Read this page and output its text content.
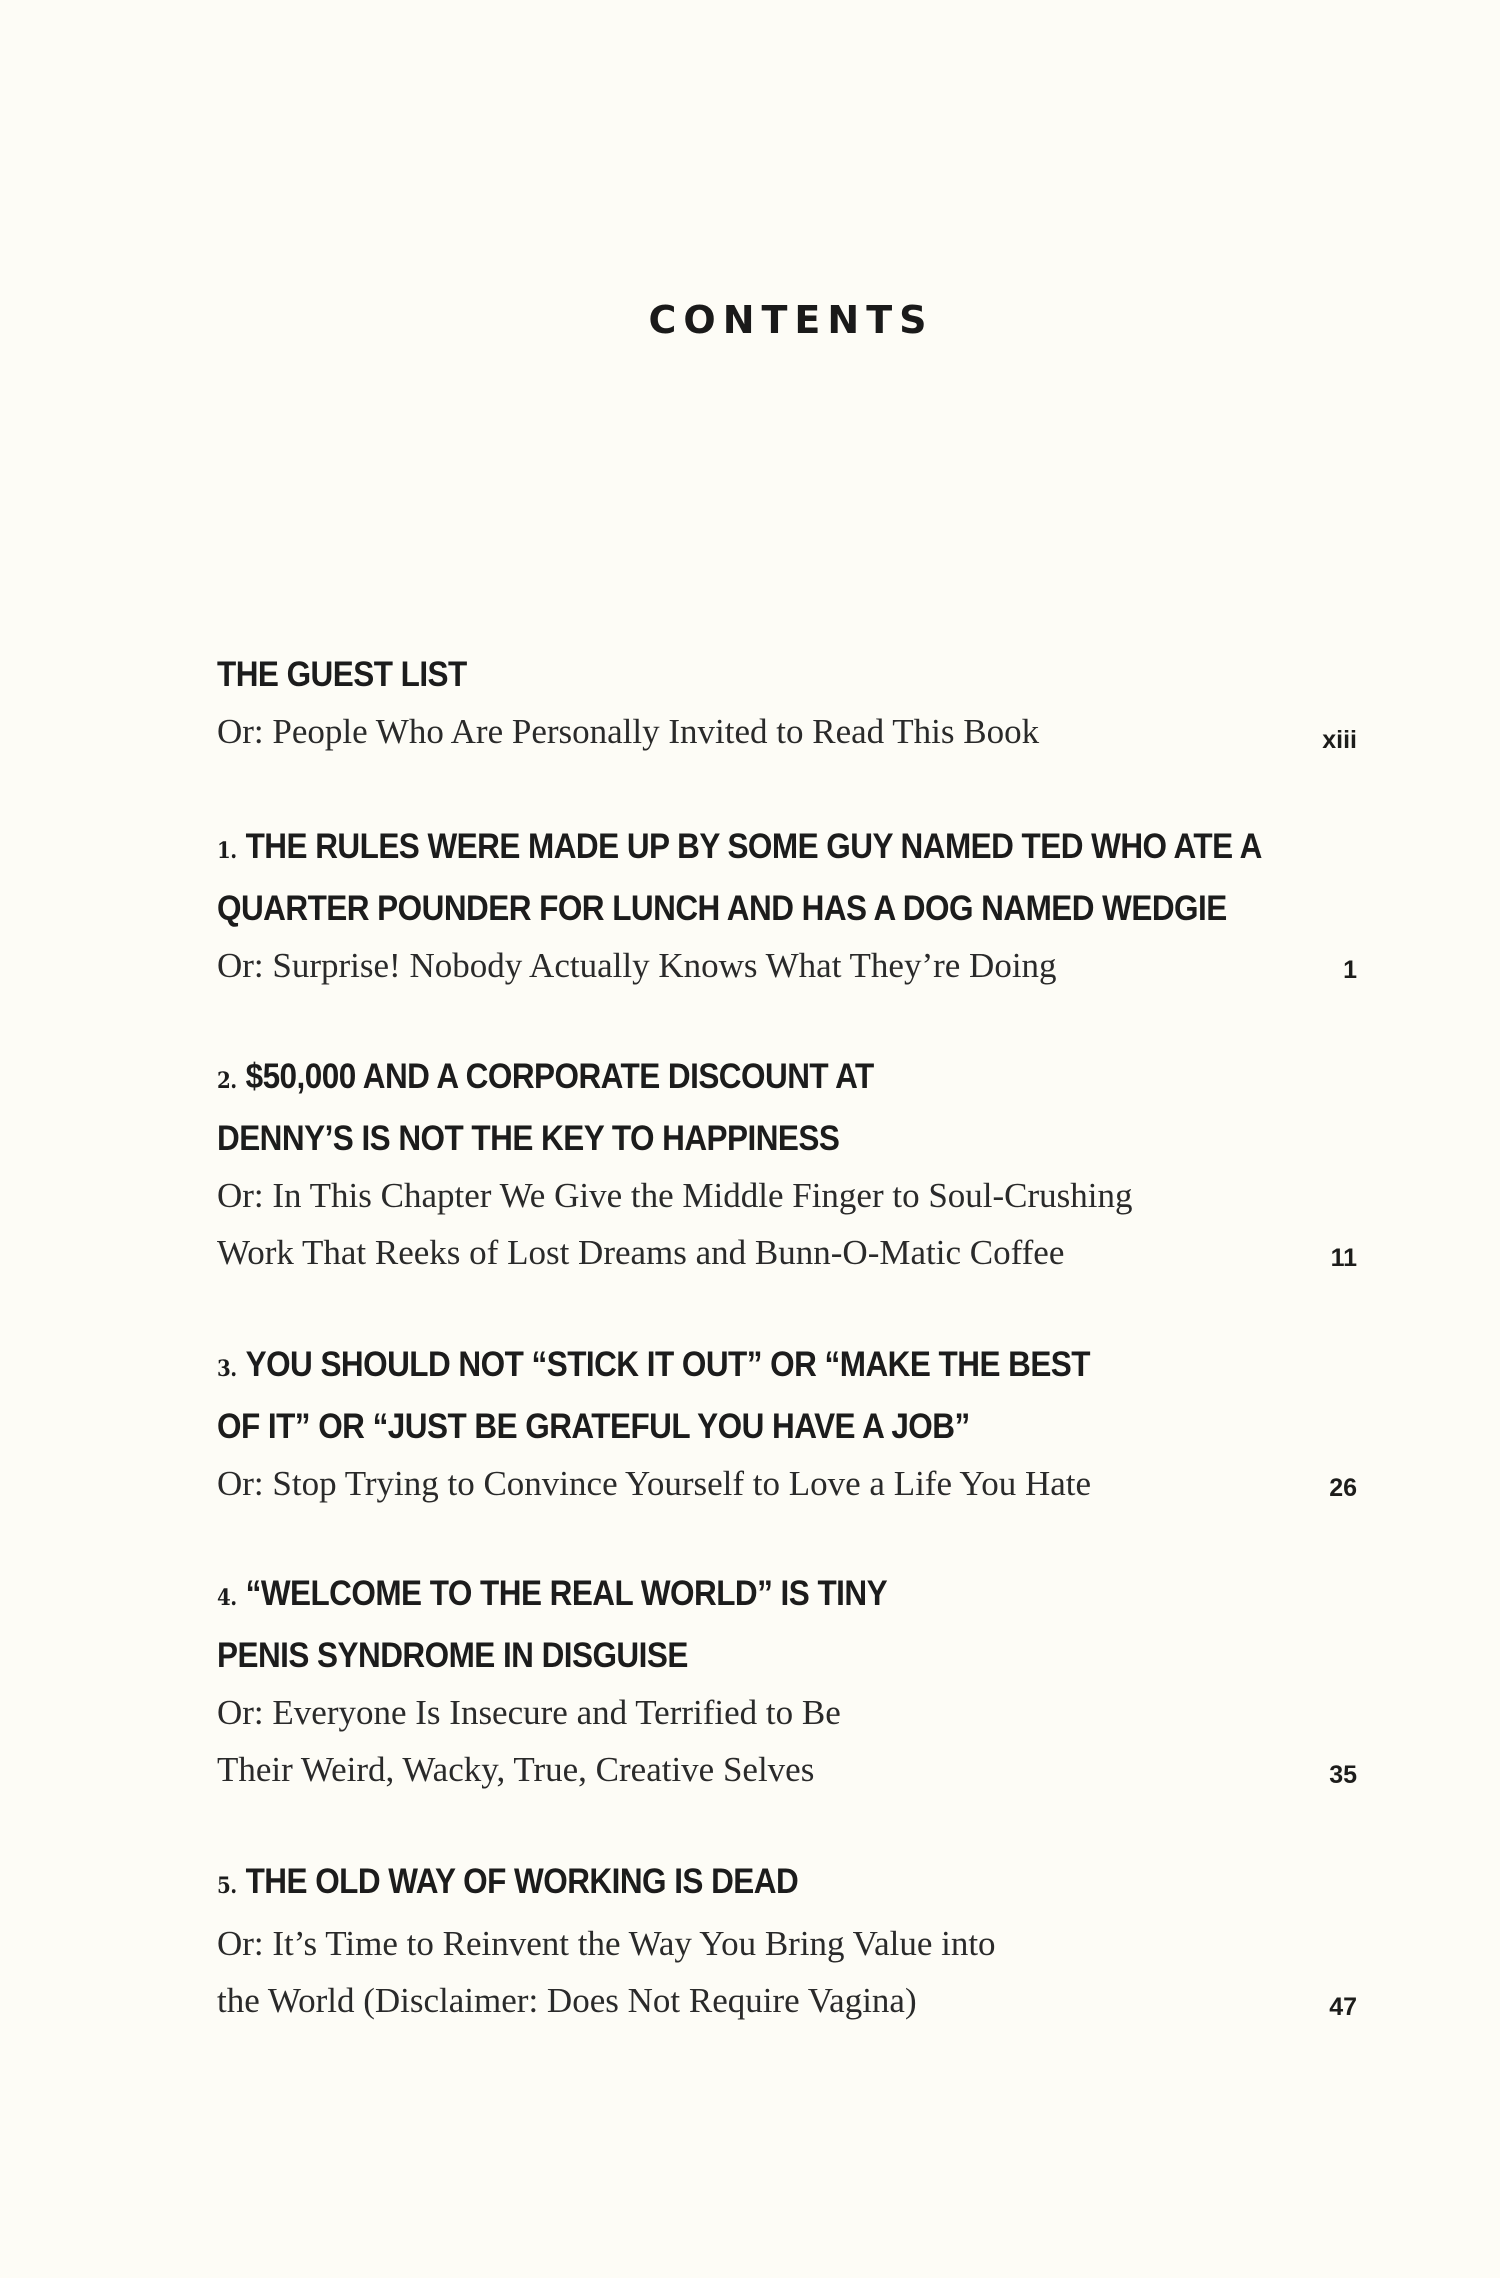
CONTENTS
THE GUEST LIST
Or: People Who Are Personally Invited to Read This Book	xiii
1. THE RULES WERE MADE UP BY SOME GUY NAMED TED WHO ATE A
QUARTER POUNDER FOR LUNCH AND HAS A DOG NAMED WEDGIE
Or: Surprise! Nobody Actually Knows What They’re Doing	1
2. $50,000 AND A CORPORATE DISCOUNT AT
DENNY’S IS NOT THE KEY TO HAPPINESS
Or: In This Chapter We Give the Middle Finger to Soul-Crushing
Work That Reeks of Lost Dreams and Bunn-O-Matic Coffee	11
3. YOU SHOULD NOT “STICK IT OUT” OR “MAKE THE BEST
OF IT” OR “JUST BE GRATEFUL YOU HAVE A JOB”
Or: Stop Trying to Convince Yourself to Love a Life You Hate	26
4. “WELCOME TO THE REAL WORLD” IS TINY
PENIS SYNDROME IN DISGUISE
Or: Everyone Is Insecure and Terrified to Be
Their Weird, Wacky, True, Creative Selves	35
5. THE OLD WAY OF WORKING IS DEAD
Or: It’s Time to Reinvent the Way You Bring Value into
the World (Disclaimer: Does Not Require Vagina)	47
